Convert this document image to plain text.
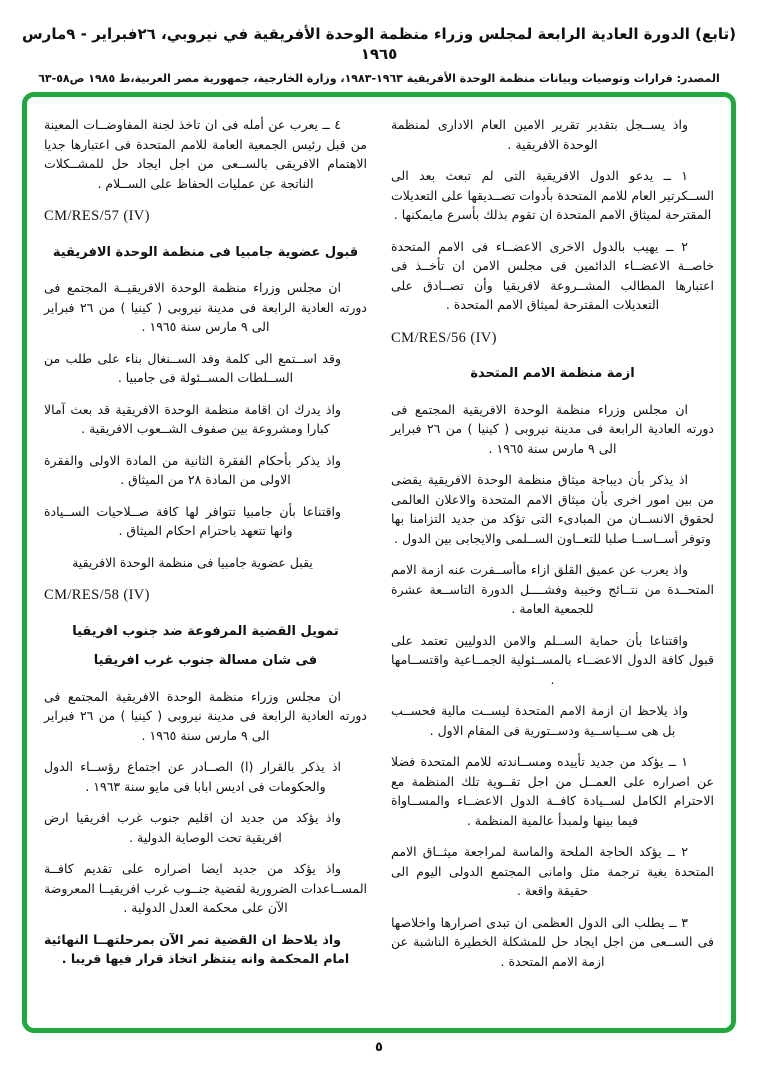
(تابع) الدورة العادية الرابعة لمجلس وزراء منظمة الوحدة الأفريقية في نيروبي، ٢٦فبراير - ٩مارس ١٩٦٥
المصدر: قرارات وتوصيات وبيانات منظمة الوحدة الأفريقية ١٩٦٣-١٩٨٣، وزارة الخارجية، جمهورية مصر العربية،ط ١٩٨٥ ص٥٨-٦٣

واذ يســجل بتقدير تقرير الامين العام الادارى لمنظمة الوحدة الافريقية .

١ ــ يدعو الدول الافريقية التى لم تبعث بعد الى الســكرتير العام للامم المتحدة بأدوات تصــديقها على التعديلات المقترحة لميثاق الامم المتحدة ان تقوم بذلك بأسرع مايمكنها .

٢ ــ يهيب بالدول الاخرى الاعضــاء فى الامم المتحدة خاصــة الاعضــاء الدائمين فى مجلس الامن ان تأخــذ فى اعتبارها المطالب المشــروعة لافريقيا وأن تصــادق على التعديلات المقترحة لميثاق الامم المتحدة .

CM/RES/56 (IV)
ازمة منظمة الامم المتحدة

ان مجلس وزراء منظمة الوحدة الافريقية المجتمع فى دورته العادية الرابعة فى مدينة نيروبى ( كينيا ) من ٢٦ فبراير الى ٩ مارس سنة ١٩٦٥ .

اذ يذكر بأن ديباجة ميثاق منظمة الوحدة الافريقية يقضى من بين امور اخرى بأن ميثاق الامم المتحدة والاعلان العالمى لحقوق الانســان من المبادىء التى تؤكد من جديد التزامنا بها وتوفر أســاســا صلبا للتعــاون الســلمى والايجابى بين الدول .

واذ يعرب عن عميق القلق ازاء ماأســفرت عنه ازمة الامم المتحــدة من نتــائج وخيبة وفشــــل الدورة التاســعة عشرة للجمعية العامة .

واقتناعا بأن حماية الســلم والامن الدوليين تعتمد على قبول كافة الدول الاعضــاء بالمســئولية الجمــاعية واقتســامها .

واذ يلاحظ ان ازمة الامم المتحدة ليســت مالية فحســب بل هى ســياســية ودســتورية فى المقام الاول .

١ ــ يؤكد من جديد تأييده ومســاندته للامم المتحدة فضلا عن اصراره على العمــل من اجل تقــوية تلك المنظمة مع الاحترام الكامل لســيادة كافــة الدول الاعضــاء والمســاواة فيما بينها ولمبدأ عالمية المنظمة .

٢ ــ يؤكد الحاجة الملحة والماسة لمراجعة ميثــاق الامم المتحدة بغية ترجمة مثل وامانى المجتمع الدولى اليوم الى حقيقة واقعة .

٣ ــ يطلب الى الدول العظمى ان تبدى اصرارها واخلاصها فى الســعى من اجل ايجاد حل للمشكلة الخطيرة الناشبة عن ازمة الامم المتحدة .

٤ ــ يعرب عن أمله فى ان تاخذ لجنة المفاوضــات المعينة من قبل رئيس الجمعية العامة للامم المتحدة فى اعتبارها جديا الاهتمام الافريقى بالســعى من اجل ايجاد حل للمشــكلات الناتجة عن عمليات الحفاظ على الســلام .

CM/RES/57 (IV)
قبول عضوية جامبيا فى منظمة الوحدة الافريقية

ان مجلس وزراء منظمة الوحدة الافريقيــة المجتمع فى دورته العادية الرابعة فى مدينة نيروبى ( كينيا ) من ٢٦ فبراير الى ٩ مارس سنة ١٩٦٥ .

وقد اســتمع الى كلمة وفد الســنغال بناء على طلب من الســلطات المســئولة فى جامبيا .

واذ يدرك ان اقامة منظمة الوحدة الافريقية قد بعث آمالا كبارا ومشروعة بين صفوف الشــعوب الافريقية .

واذ يذكر بأحكام الفقرة الثانية من المادة الاولى والفقرة الاولى من المادة ٢٨ من الميثاق .

واقتناعا بأن جامبيا تتوافر لها كافة صــلاحيات الســيادة وانها تتعهد باحترام احكام الميثاق .

يقبل عضوية جامبيا فى منظمة الوحدة الافريقية

CM/RES/58 (IV)
تمويل القضية المرفوعة ضد جنوب افريقيا
فى شان مسالة جنوب غرب افريقيا

ان مجلس وزراء منظمة الوحدة الافريقية المجتمع فى دورته العادية الرابعة فى مدينة نيروبى ( كينيا ) من ٢٦ فبراير الى ٩ مارس سنة ١٩٦٥ .

اذ يذكر بالقرار (ا) الصــادر عن اجتماع رؤســاء الدول والحكومات فى اديس ابابا فى مايو سنة ١٩٦٣ .

واذ يؤكد من جديد ان اقليم جنوب غرب افريقيا ارض افريقية تحت الوصاية الدولية .

واذ يؤكد من جديد ايضا اصراره على تقديم كافــة المســاعدات الضرورية لقضية جنــوب غرب افريقيــا المعروضة الآن على محكمة العدل الدولية .

واذ يلاحظ ان القضية تمر الآن بمرحلتهــا النهائية امام المحكمة وانه ينتظر اتخاذ قرار فيها قريبا .

٥
